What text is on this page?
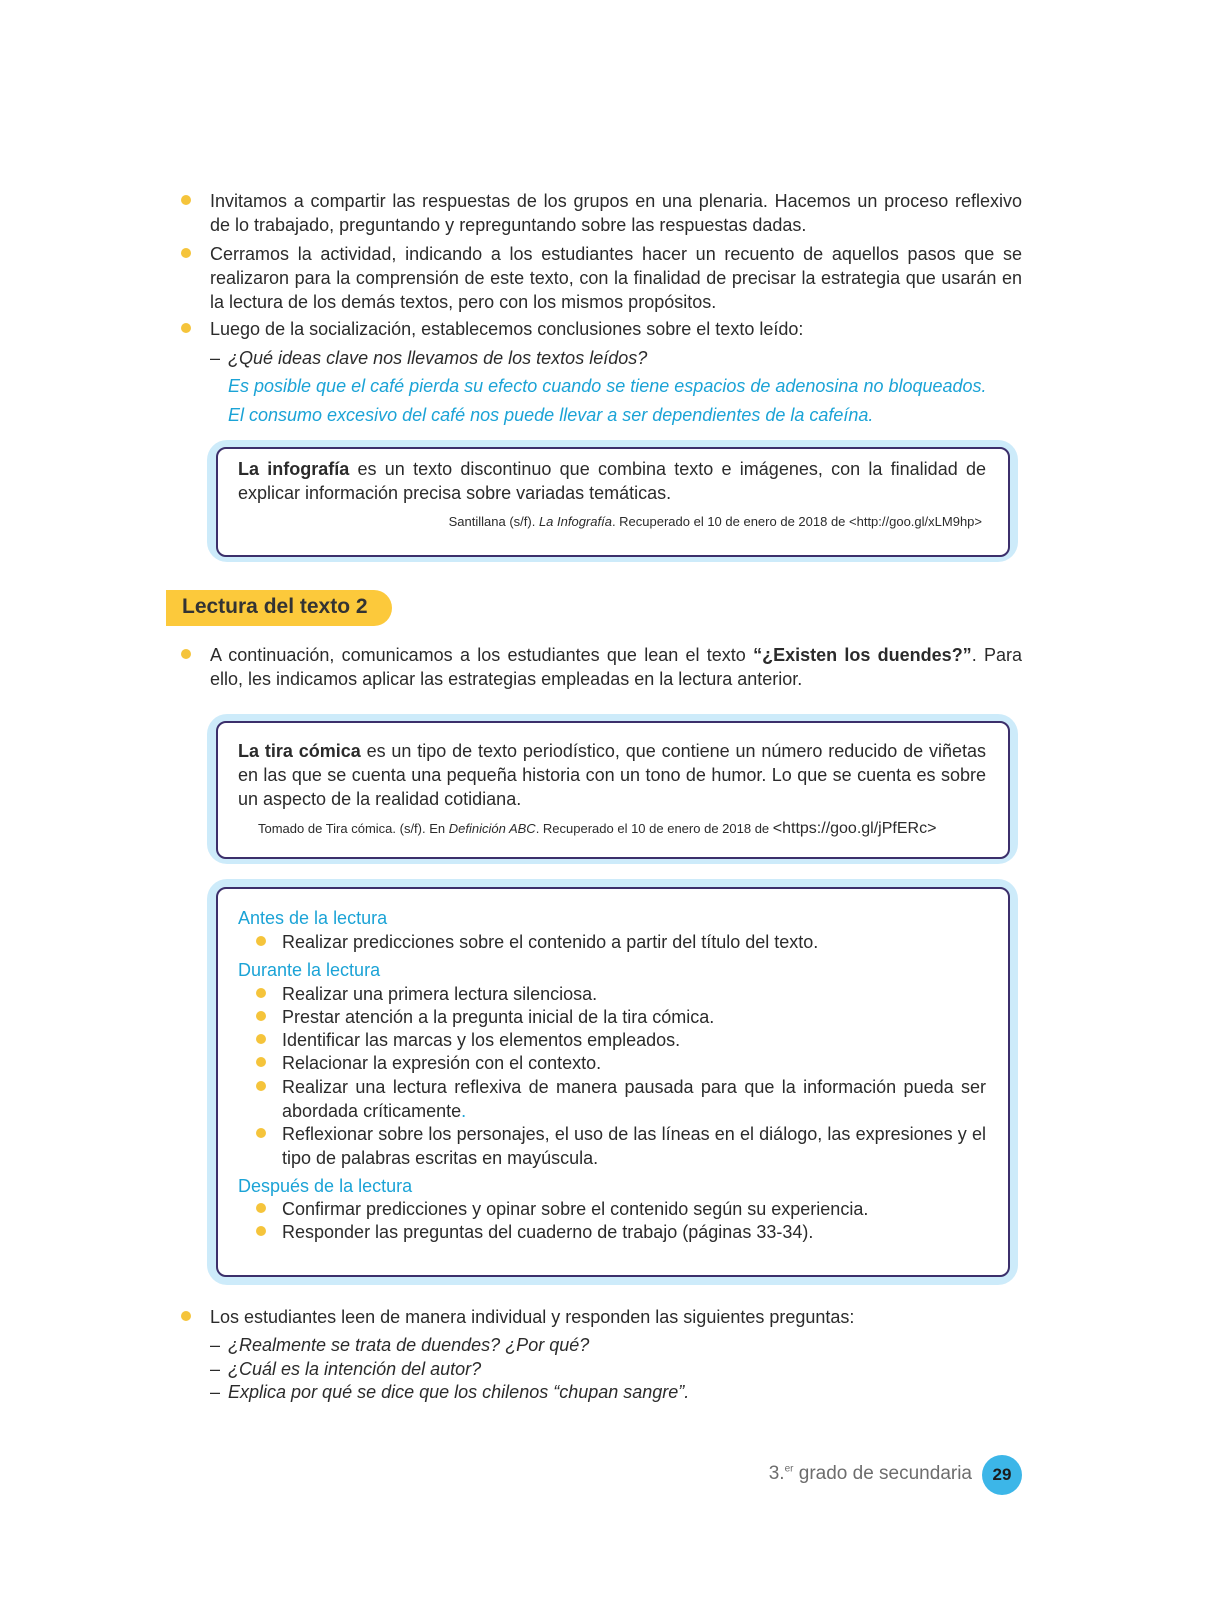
Invitamos a compartir las respuestas de los grupos en una plenaria. Hacemos un proceso reflexivo de lo trabajado, preguntando y repreguntando sobre las respuestas dadas.
Cerramos la actividad, indicando a los estudiantes hacer un recuento de aquellos pasos que se realizaron para la comprensión de este texto, con la finalidad de precisar la estrategia que usarán en la lectura de los demás textos, pero con los mismos propósitos.
Luego de la socialización, establecemos conclusiones sobre el texto leído:
– ¿Qué ideas clave nos llevamos de los textos leídos?
Es posible que el café pierda su efecto cuando se tiene espacios de adenosina no bloqueados.
El consumo excesivo del café nos puede llevar a ser dependientes de la cafeína.
La infografía es un texto discontinuo que combina texto e imágenes, con la finalidad de explicar información precisa sobre variadas temáticas.
Santillana (s/f). La Infografía. Recuperado el 10 de enero de 2018 de <http://goo.gl/xLM9hp>
Lectura del texto 2
A continuación, comunicamos a los estudiantes que lean el texto “¿Existen los duendes?”. Para ello, les indicamos aplicar las estrategias empleadas en la lectura anterior.
La tira cómica es un tipo de texto periodístico, que contiene un número reducido de viñetas en las que se cuenta una pequeña historia con un tono de humor. Lo que se cuenta es sobre un aspecto de la realidad cotidiana.
Tomado de Tira cómica. (s/f). En Definición ABC. Recuperado el 10 de enero de 2018 de <https://goo.gl/jPfERc>
Antes de la lectura
Realizar predicciones sobre el contenido a partir del título del texto.
Durante la lectura
Realizar una primera lectura silenciosa.
Prestar atención a la pregunta inicial de la tira cómica.
Identificar las marcas y los elementos empleados.
Relacionar la expresión con el contexto.
Realizar una lectura reflexiva de manera pausada para que la información pueda ser abordada críticamente.
Reflexionar sobre los personajes, el uso de las líneas en el diálogo, las expresiones y el tipo de palabras escritas en mayúscula.
Después de la lectura
Confirmar predicciones y opinar sobre el contenido según su experiencia.
Responder las preguntas del cuaderno de trabajo (páginas 33-34).
Los estudiantes leen de manera individual y responden las siguientes preguntas:
– ¿Realmente se trata de duendes? ¿Por qué?
– ¿Cuál es la intención del autor?
– Explica por qué se dice que los chilenos “chupan sangre”.
3.$^{er}$ grado de secundaria	29
